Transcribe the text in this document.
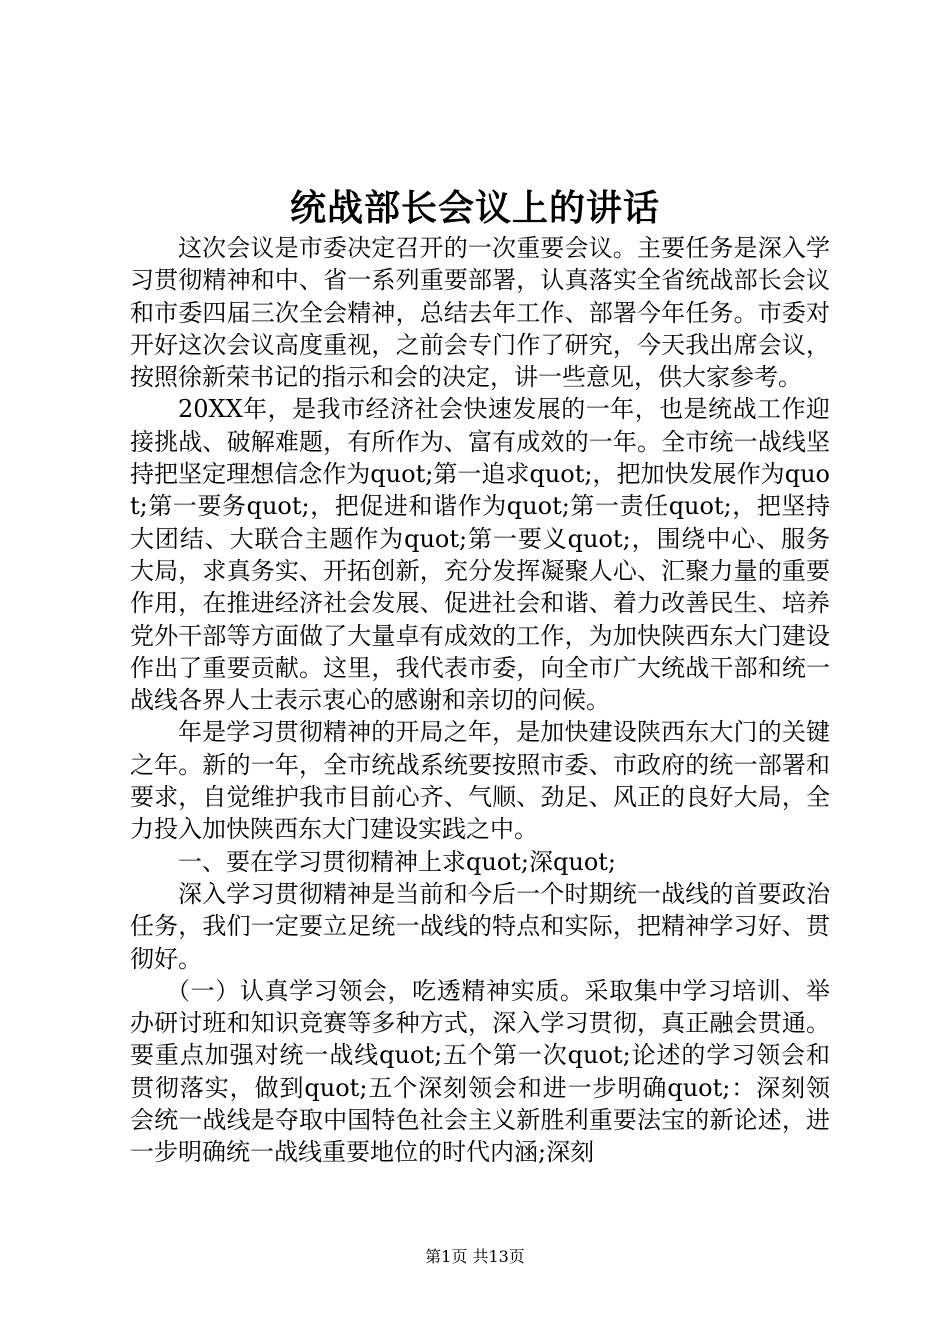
统战部长会议上的讲话

这次会议是市委决定召开的一次重要会议。主要任务是深入学习贯彻精神和中、省一系列重要部署，认真落实全省统战部长会议和市委四届三次全会精神，总结去年工作、部署今年任务。市委对开好这次会议高度重视，之前会专门作了研究，今天我出席会议，按照徐新荣书记的指示和会的决定，讲一些意见，供大家参考。

20XX年，是我市经济社会快速发展的一年，也是统战工作迎接挑战、破解难题，有所作为、富有成效的一年。全市统一战线坚持把坚定理想信念作为quot;第一追求quot;，把加快发展作为quot;第一要务quot;，把促进和谐作为quot;第一责任quot;，把坚持大团结、大联合主题作为quot;第一要义quot;，围绕中心、服务大局，求真务实、开拓创新，充分发挥凝聚人心、汇聚力量的重要作用，在推进经济社会发展、促进社会和谐、着力改善民生、培养党外干部等方面做了大量卓有成效的工作，为加快陕西东大门建设作出了重要贡献。这里，我代表市委，向全市广大统战干部和统一战线各界人士表示衷心的感谢和亲切的问候。

年是学习贯彻精神的开局之年，是加快建设陕西东大门的关键之年。新的一年，全市统战系统要按照市委、市政府的统一部署和要求，自觉维护我市目前心齐、气顺、劲足、风正的良好大局，全力投入加快陕西东大门建设实践之中。

一、要在学习贯彻精神上求quot;深quot;

深入学习贯彻精神是当前和今后一个时期统一战线的首要政治任务，我们一定要立足统一战线的特点和实际，把精神学习好、贯彻好。

（一）认真学习领会，吃透精神实质。采取集中学习培训、举办研讨班和知识竞赛等多种方式，深入学习贯彻，真正融会贯通。要重点加强对统一战线quot;五个第一次quot;论述的学习领会和贯彻落实，做到quot;五个深刻领会和进一步明确quot;：深刻领会统一战线是夺取中国特色社会主义新胜利重要法宝的新论述，进一步明确统一战线重要地位的时代内涵;深刻

第1页 共13页
